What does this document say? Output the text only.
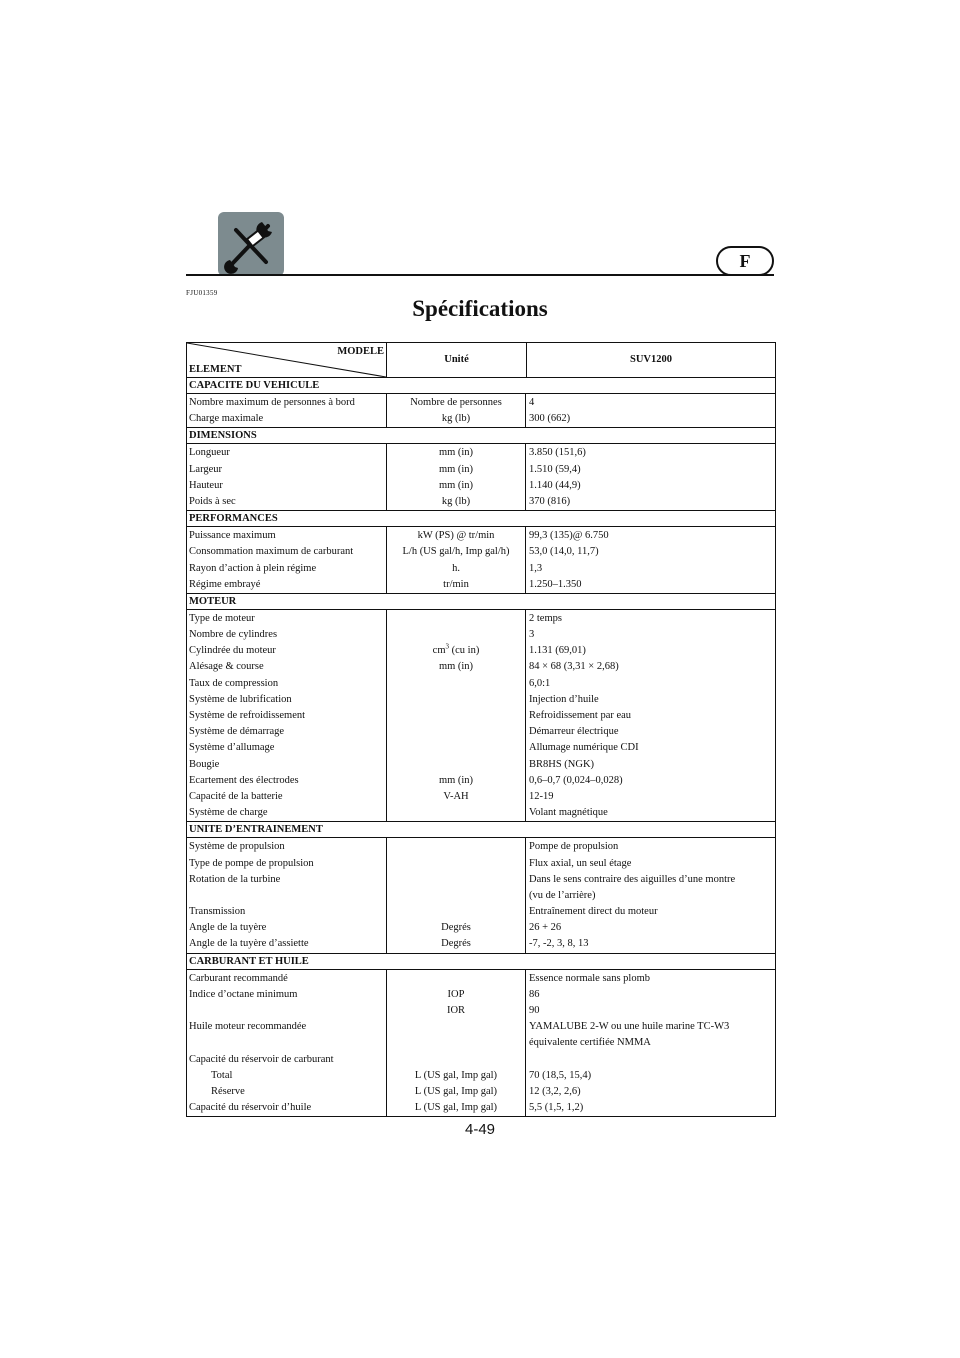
F
FJU01359
Spécifications
MODELE
ELEMENT
Unité	SUV1200
CAPACITE DU VEHICULE
Nombre maximum de personnes à bord
Charge maximale
Nombre de personnes
kg (lb)
4
300 (662)
DIMENSIONS
Longueur
Largeur
Hauteur
Poids à sec
mm (in)
mm (in)
mm (in)
kg (lb)
3.850 (151,6)
1.510 (59,4)
1.140 (44,9)
370 (816)
PERFORMANCES
Puissance maximum
Consommation maximum de carburant
Rayon d’action à plein régime
Régime embrayé
kW (PS) @ tr/min
L/h (US gal/h, Imp gal/h)
h.
tr/min
99,3 (135)@ 6.750
53,0 (14,0, 11,7)
1,3
1.250–1.350
MOTEUR
Type de moteur
Nombre de cylindres
Cylindrée du moteur
Alésage & course
Taux de compression
Système de lubrification
Système de refroidissement
Système de démarrage
Système d’allumage
Bougie
Ecartement des électrodes
Capacité de la batterie
Système de charge
$cm^3$ (cu in)
mm (in)
mm (in)
V-AH
2 temps
3
1.131 (69,01)
84 × 68 (3,31 × 2,68)
6,0:1
Injection d’huile
Refroidissement par eau
Démarreur électrique
Allumage numérique CDI
BR8HS (NGK)
0,6–0,7 (0,024–0,028)
12-19
Volant magnétique
UNITE D’ENTRAINEMENT
Système de propulsion
Type de pompe de propulsion
Rotation de la turbine
Transmission
Angle de la tuyère
Angle de la tuyère d’assiette
Degrés
Degrés
Pompe de propulsion
Flux axial, un seul étage
Dans le sens contraire des aiguilles d’une montre
(vu de l’arrière)
Entraînement direct du moteur
26 + 26
-7, -2, 3, 8, 13
CARBURANT ET HUILE
Carburant recommandé
Indice d’octane minimum
Huile moteur recommandée
Capacité du réservoir de carburant
Total
Réserve
Capacité du réservoir d’huile
IOP
IOR
L (US gal, Imp gal)
L (US gal, Imp gal)
L (US gal, Imp gal)
Essence normale sans plomb
86
90
YAMALUBE 2-W ou une huile marine TC-W3
équivalente certifiée NMMA
70 (18,5, 15,4)
12 (3,2, 2,6)
5,5 (1,5, 1,2)
4-49
